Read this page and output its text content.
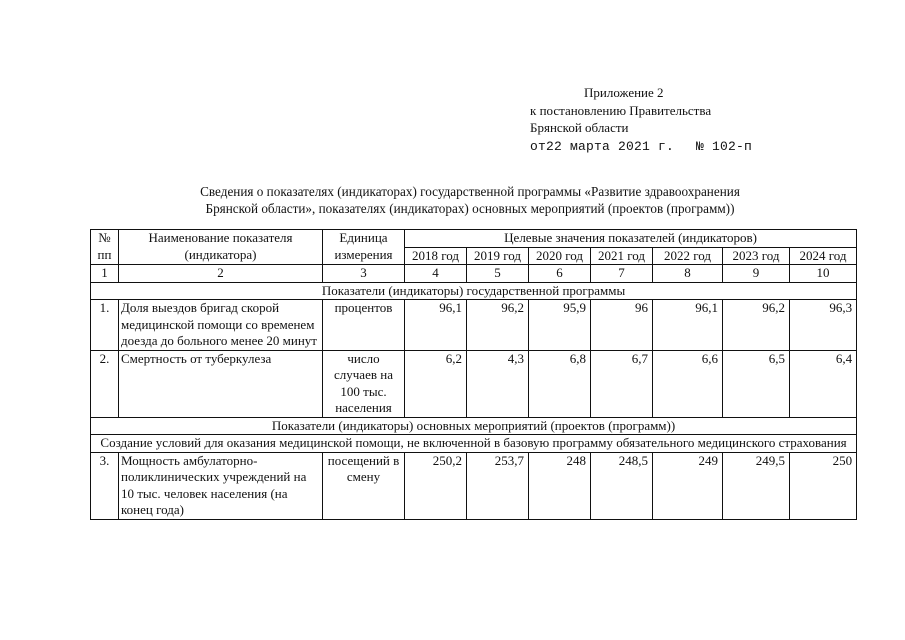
Приложение 2
к постановлению Правительства
Брянской области
от22 марта 2021 г. № 102-п
Сведения о показателях (индикаторах) государственной программы «Развитие здравоохранения
Брянской области», показателях (индикаторах) основных мероприятий (проектов (программ))
№ пп	Наименование показателя (индикатора)	Единица измерения	Целевые значения показателей (индикаторов)						
			2018 год	2019 год	2020 год	2021 год	2022 год	2023 год	2024 год
1	2	3	4	5	6	7	8	9	10
Показатели (индикаторы) государственной программы									
1.	Доля выездов бригад скорой медицинской помощи со временем доезда до больного менее 20 минут	процентов	96,1	96,2	95,9	96	96,1	96,2	96,3
2.	Смертность от туберкулеза	число случаев на 100 тыс. населения	6,2	4,3	6,8	6,7	6,6	6,5	6,4
Показатели (индикаторы) основных мероприятий (проектов (программ))									
Создание условий для оказания медицинской помощи, не включенной в базовую программу обязательного медицинского страхования									
3.	Мощность амбулаторно-поликлинических учреждений на 10 тыс. человек населения (на конец года)	посещений в смену	250,2	253,7	248	248,5	249	249,5	250
